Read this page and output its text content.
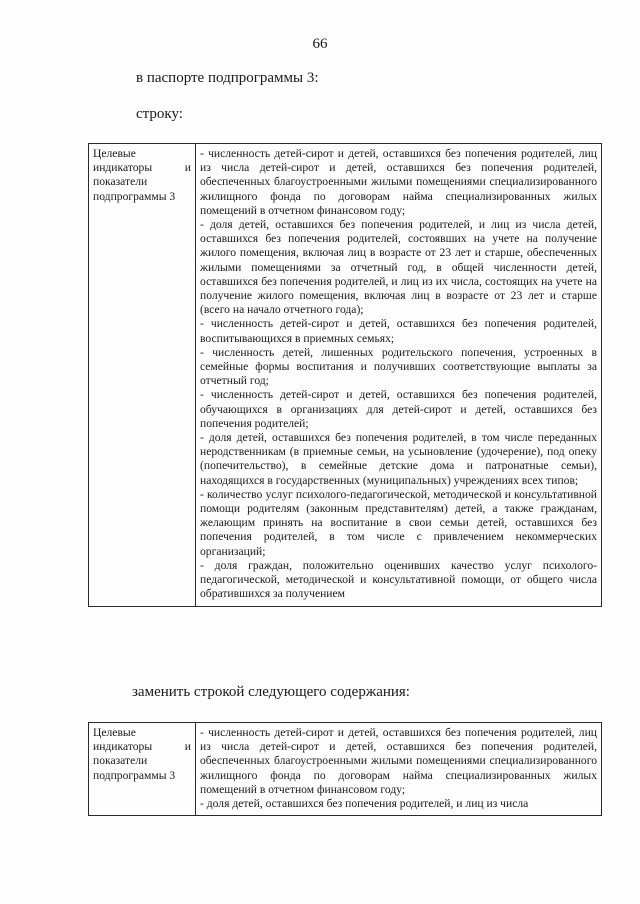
66
в паспорте подпрограммы 3:
строку:
Целевые
индикаторы	и
показатели
подпрограммы 3

- численность детей-сирот и детей, оставшихся без попечения родителей, лиц из числа детей-сирот и детей, оставшихся без попечения родителей, обеспеченных благоустроенными жилыми помещениями специализированного жилищного фонда по договорам найма специализированных жилых помещений в отчетном финансовом году;
- доля детей, оставшихся без попечения родителей, и лиц из числа детей, оставшихся без попечения родителей, состоявших на учете на получение жилого помещения, включая лиц в возрасте от 23 лет и старше, обеспеченных жилыми помещениями за отчетный год, в общей численности детей, оставшихся без попечения родителей, и лиц из их числа, состоящих на учете на получение жилого помещения, включая лиц в возрасте от 23 лет и старше (всего на начало отчетного года);
- численность детей-сирот и детей, оставшихся без попечения родителей, воспитывающихся в приемных семьях;
- численность детей, лишенных родительского попечения, устроенных в семейные формы воспитания и получивших соответствующие выплаты за отчетный год;
- численность детей-сирот и детей, оставшихся без попечения родителей, обучающихся в организациях для детей-сирот и детей, оставшихся без попечения родителей;
- доля детей, оставшихся без попечения родителей, в том числе переданных неродственникам (в приемные семьи, на усыновление (удочерение), под опеку (попечительство), в семейные детские дома и патронатные семьи), находящихся в государственных (муниципальных) учреждениях всех типов;
- количество услуг психолого-педагогической, методической и консультативной помощи родителям (законным представителям) детей, а также гражданам, желающим принять на воспитание в свои семьи детей, оставшихся без попечения родителей, в том числе с привлечением некоммерческих организаций;
- доля граждан, положительно оценивших качество услуг психолого-педагогической, методической и консультативной помощи, от общего числа обратившихся за получением
заменить строкой следующего содержания:
Целевые
индикаторы	и
показатели
подпрограммы 3

- численность детей-сирот и детей, оставшихся без попечения родителей, лиц из числа детей-сирот и детей, оставшихся без попечения родителей, обеспеченных благоустроенными жилыми помещениями специализированного жилищного фонда по договорам найма специализированных жилых помещений в отчетном финансовом году;
- доля детей, оставшихся без попечения родителей, и лиц из числа
